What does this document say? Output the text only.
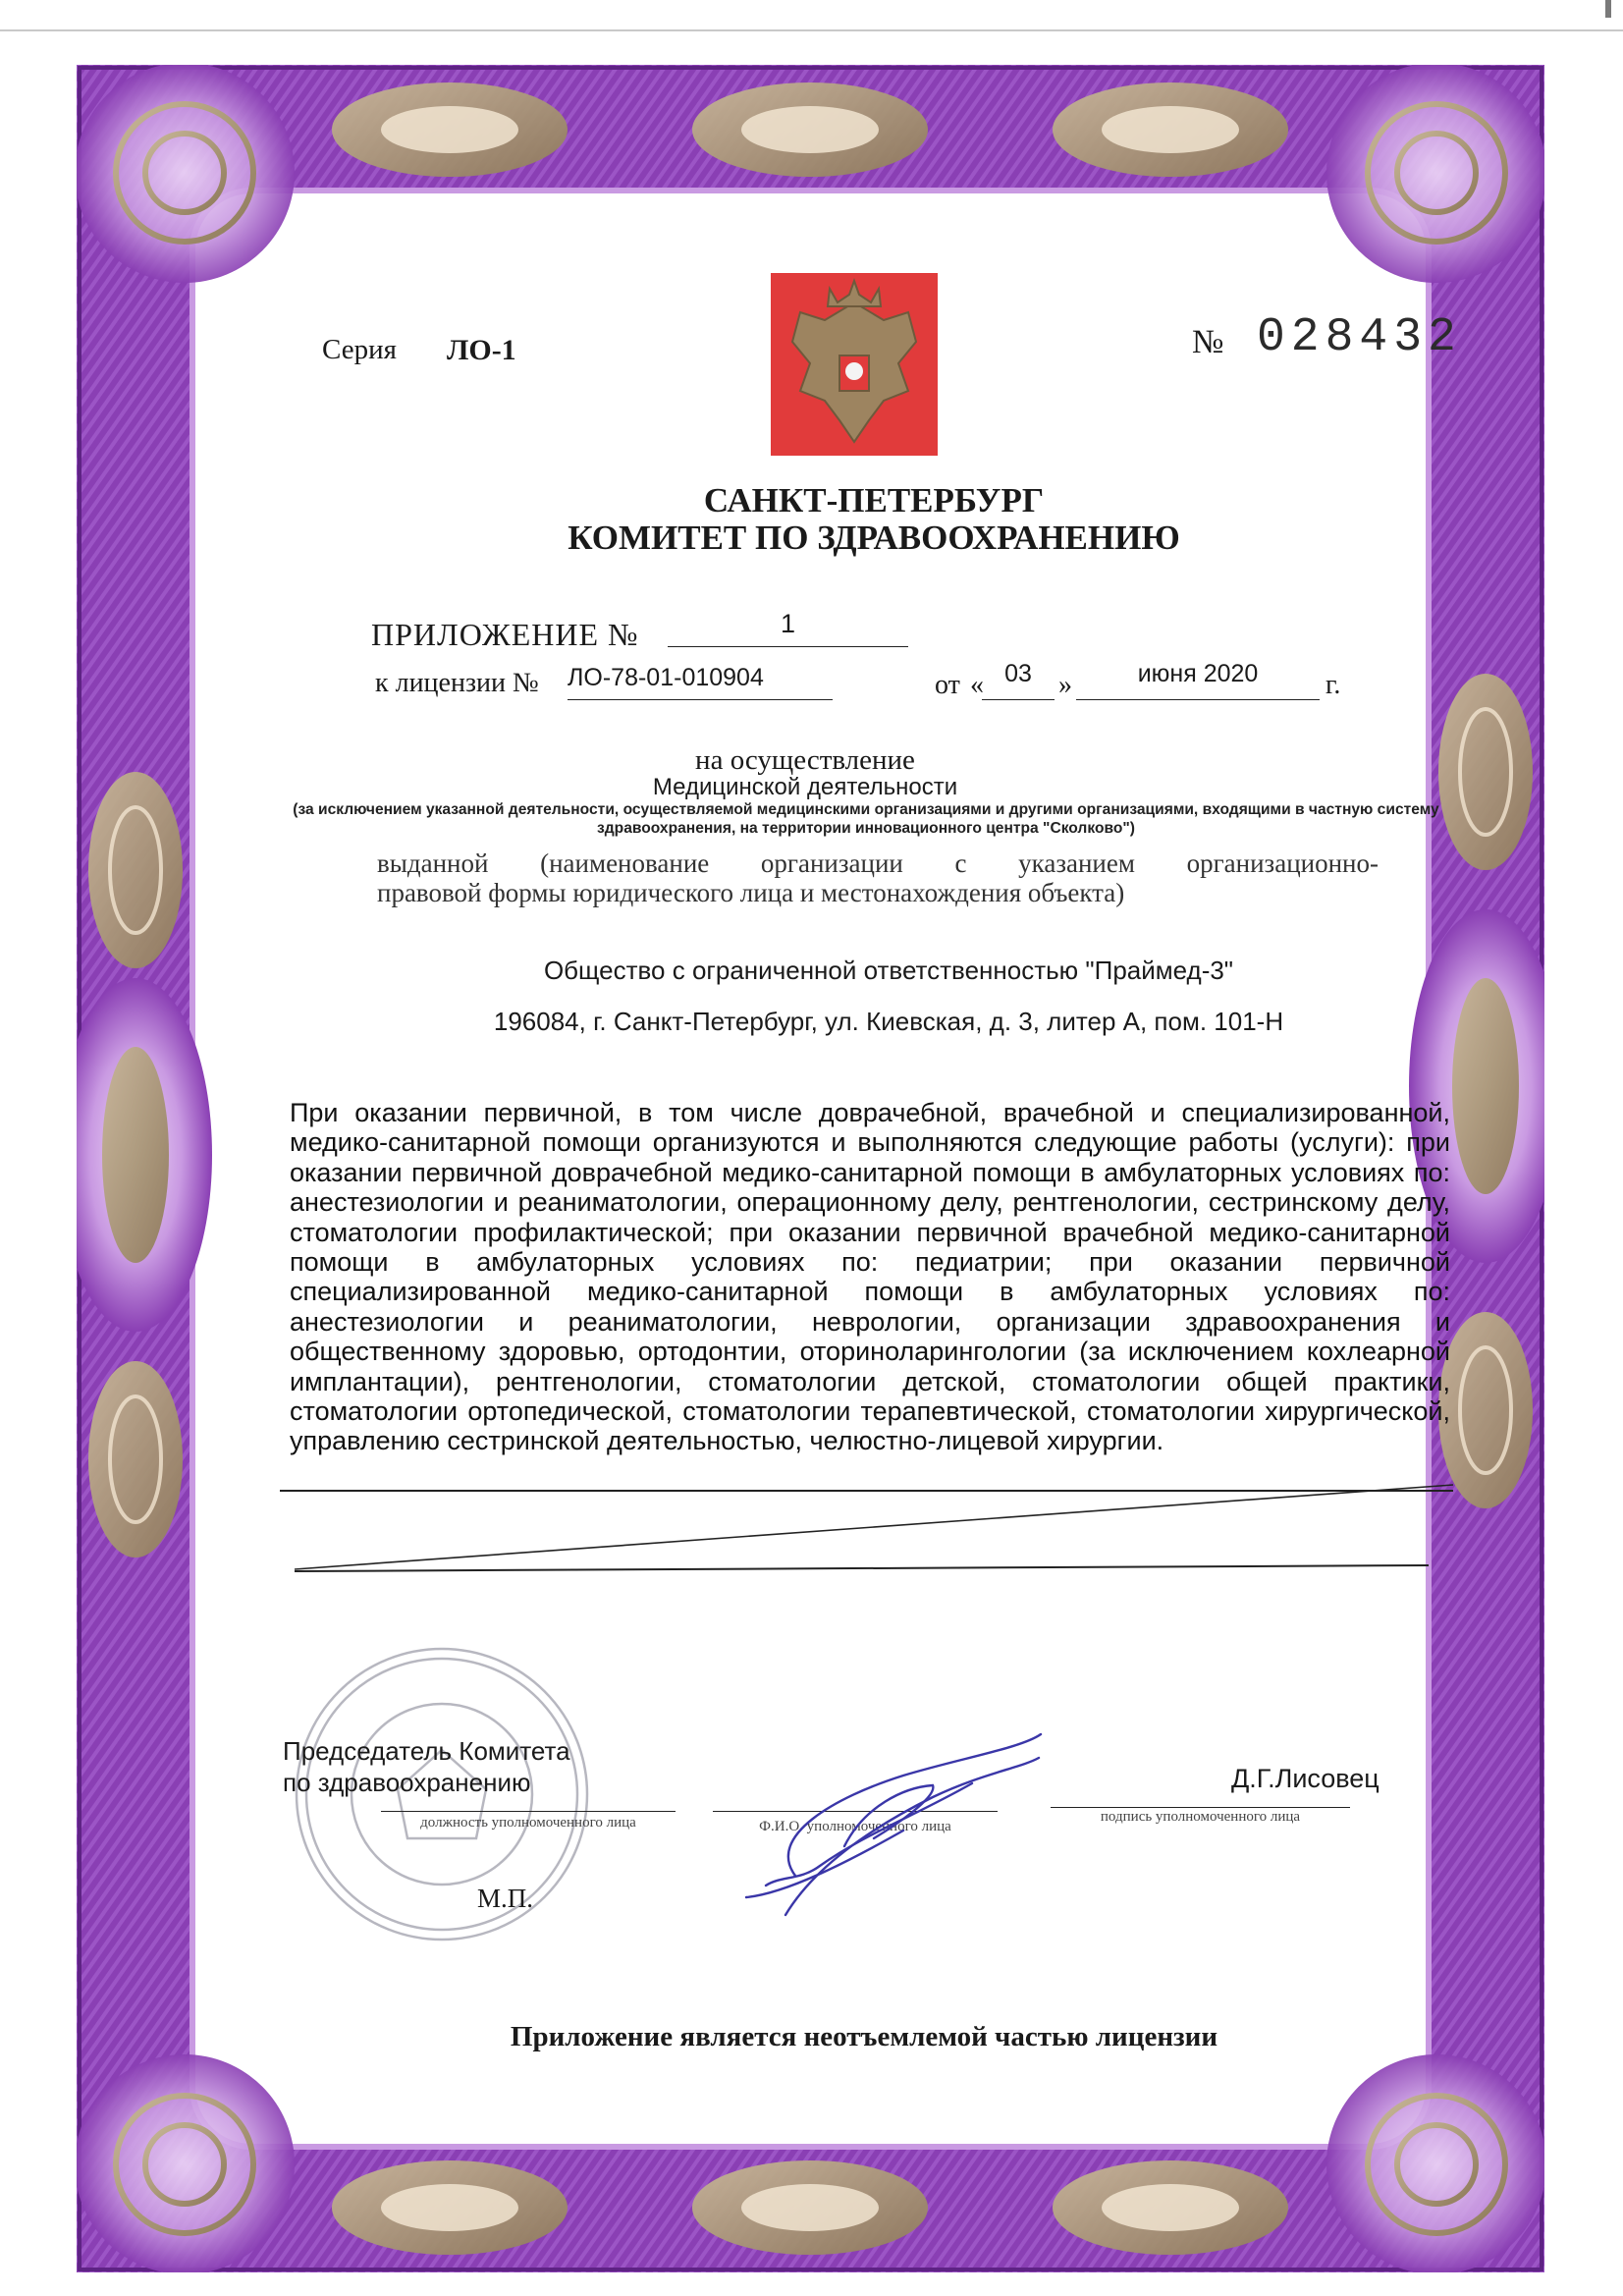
Серия ЛО-1	№ 028432
САНКТ-ПЕТЕРБУРГ
КОМИТЕТ ПО ЗДРАВООХРАНЕНИЮ
ПРИЛОЖЕНИЕ №	1
к лицензии № ЛО-78-01-010904	от « 03 »	июня 2020	г.
на осуществление
Медицинской деятельности
(за исключением указанной деятельности, осуществляемой медицинскими организациями и другими организациями, входящими в частную систему здравоохранения, на территории инновационного центра "Сколково")
выданной (наименование организации с указанием организационно-
правовой формы юридического лица и местонахождения объекта)
Общество с ограниченной ответственностью "Праймед-3"
196084, г. Санкт-Петербург, ул. Киевская, д. 3, литер А, пом. 101-Н
При оказании первичной, в том числе доврачебной, врачебной и специализированной, медико-санитарной помощи организуются и выполняются следующие работы (услуги): при оказании первичной доврачебной медико-санитарной помощи в амбулаторных условиях по: анестезиологии и реаниматологии, операционному делу, рентгенологии, сестринскому делу, стоматологии профилактической; при оказании первичной врачебной медико-санитарной помощи в амбулаторных условиях по: педиатрии; при оказании первичной специализированной медико-санитарной помощи в амбулаторных условиях по: анестезиологии и реаниматологии, неврологии, организации здравоохранения и общественному здоровью, ортодонтии, оториноларингологии (за исключением кохлеарной имплантации), рентгенологии, стоматологии детской, стоматологии общей практики, стоматологии ортопедической, стоматологии терапевтической, стоматологии хирургической, управлению сестринской деятельностью, челюстно-лицевой хирургии.
Председатель Комитета
по здравоохранению
должность уполномоченного лица	Ф.И.О. уполномоченного лица
Д.Г.Лисовец
подпись уполномоченного лица
М.П.
Приложение является неотъемлемой частью лицензии
